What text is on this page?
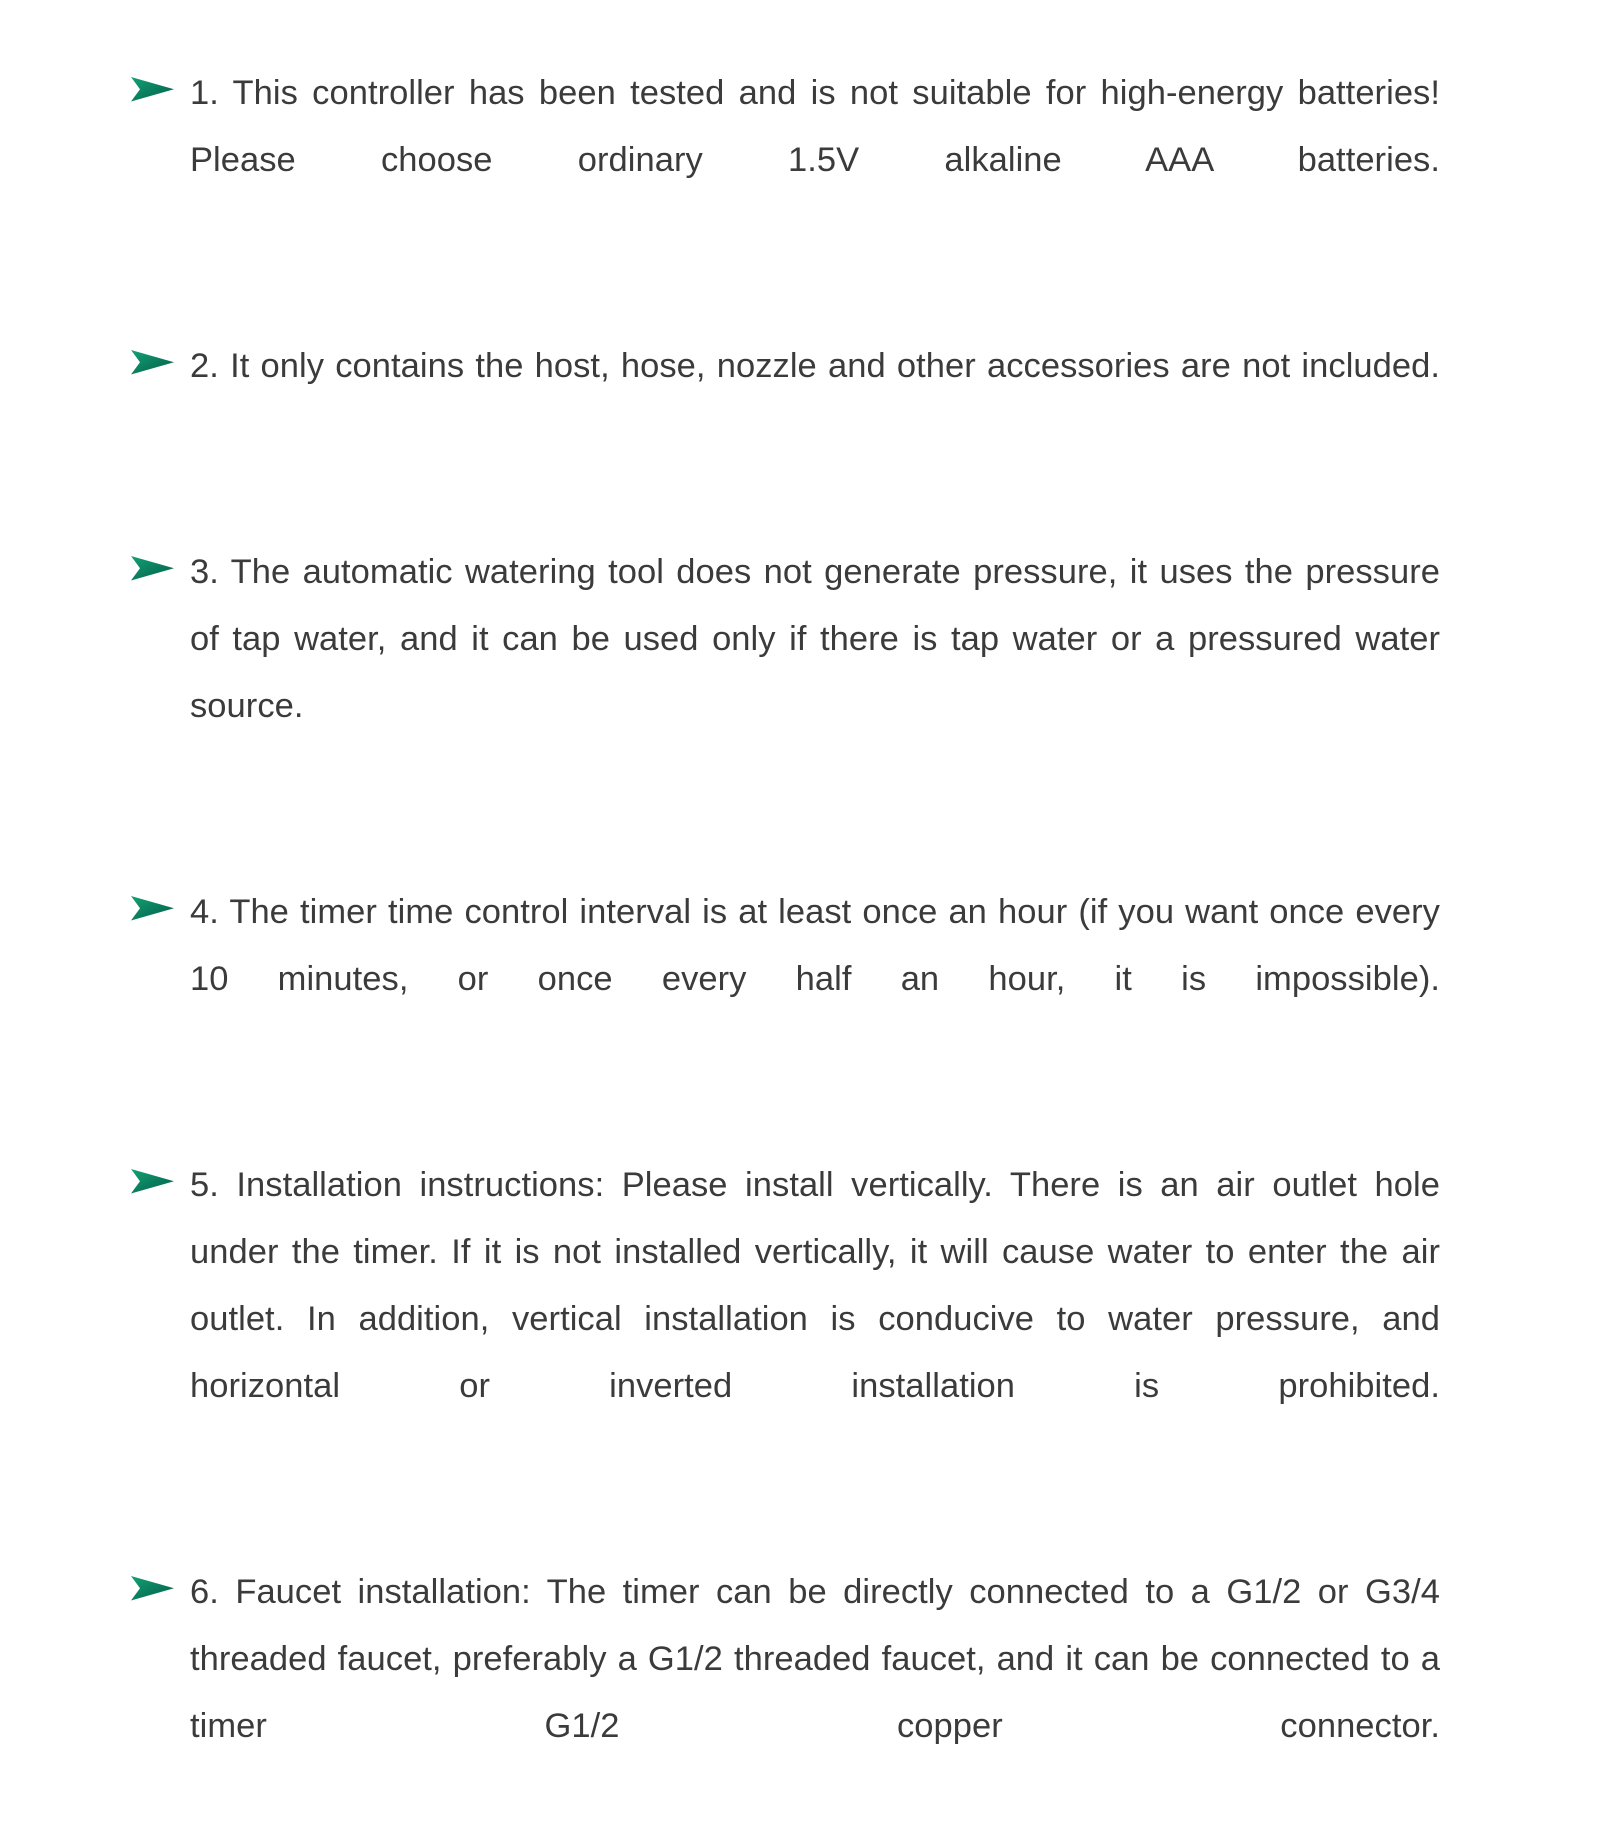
1. This controller has been tested and is not suitable for high-energy batteries! Please choose ordinary 1.5V alkaline AAA batteries.
2. It only contains the host, hose, nozzle and other accessories are not included.
3. The automatic watering tool does not generate pressure, it uses the pressure of tap water, and it can be used only if there is tap water or a pressured water source.
4. The timer time control interval is at least once an hour (if you want once every 10 minutes, or once every half an hour, it is impossible).
5. Installation instructions: Please install vertically. There is an air outlet hole under the timer. If it is not installed vertically, it will cause water to enter the air outlet. In addition, vertical installation is conducive to water pressure, and horizontal or inverted installation is prohibited.
6. Faucet installation: The timer can be directly connected to a G1/2 or G3/4 threaded faucet, preferably a G1/2 threaded faucet, and it can be connected to a timer G1/2 copper connector.
